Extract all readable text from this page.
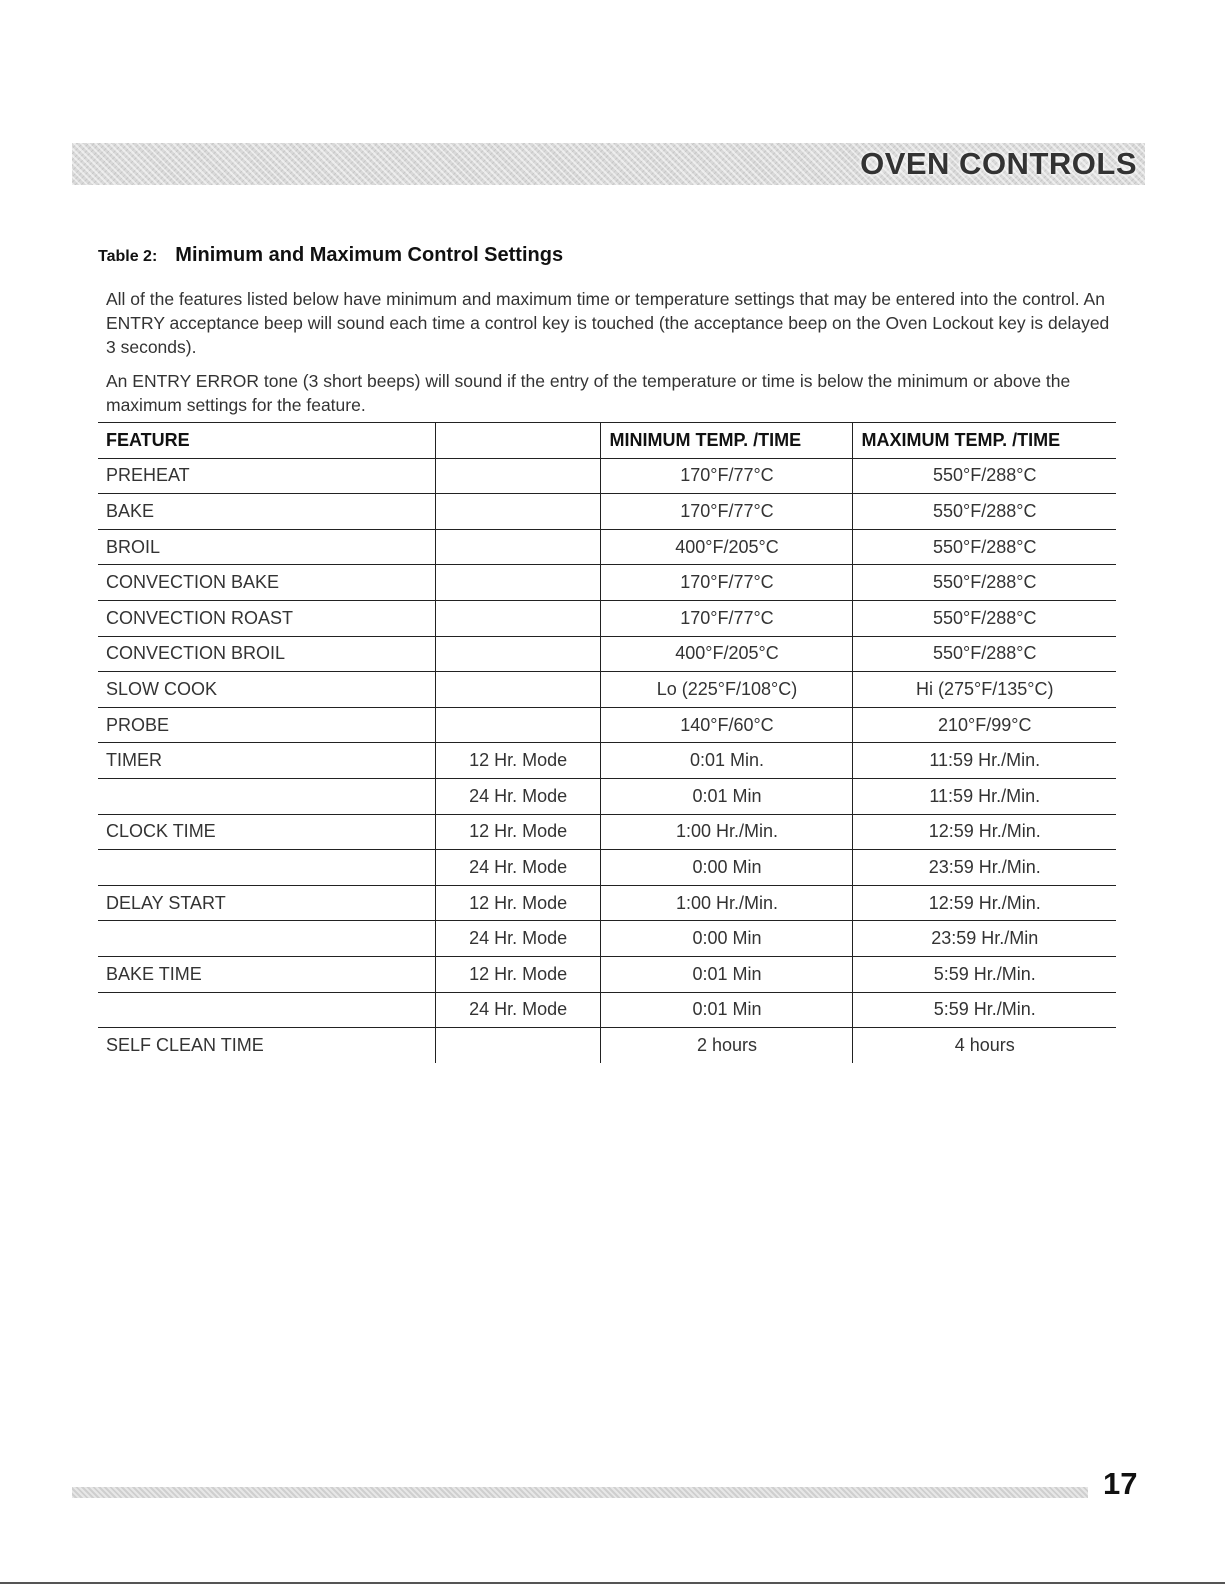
OVEN CONTROLS
Table 2: Minimum and Maximum Control Settings

All of the features listed below have minimum and maximum time or temperature settings that may be entered into the control. An ENTRY acceptance beep will sound each time a control key is touched (the acceptance beep on the Oven Lockout key is delayed 3 seconds).

An ENTRY ERROR tone (3 short beeps) will sound if the entry of the temperature or time is below the minimum or above the maximum settings for the feature.

FEATURE		MINIMUM TEMP. /TIME	MAXIMUM TEMP. /TIME
PREHEAT		170°F/77°C	550°F/288°C
BAKE		170°F/77°C	550°F/288°C
BROIL		400°F/205°C	550°F/288°C
CONVECTION BAKE		170°F/77°C	550°F/288°C
CONVECTION ROAST		170°F/77°C	550°F/288°C
CONVECTION BROIL		400°F/205°C	550°F/288°C
SLOW COOK		Lo (225°F/108°C)	Hi (275°F/135°C)
PROBE		140°F/60°C	210°F/99°C
TIMER	12 Hr. Mode	0:01 Min.	11:59 Hr./Min.
	24 Hr. Mode	0:01 Min	11:59 Hr./Min.
CLOCK TIME	12 Hr. Mode	1:00 Hr./Min.	12:59 Hr./Min.
	24 Hr. Mode	0:00 Min	23:59 Hr./Min.
DELAY START	12 Hr. Mode	1:00 Hr./Min.	12:59 Hr./Min.
	24 Hr. Mode	0:00 Min	23:59 Hr./Min
BAKE TIME	12 Hr. Mode	0:01 Min	5:59 Hr./Min.
	24 Hr. Mode	0:01 Min	5:59 Hr./Min.
SELF CLEAN TIME		2 hours	4 hours
17
